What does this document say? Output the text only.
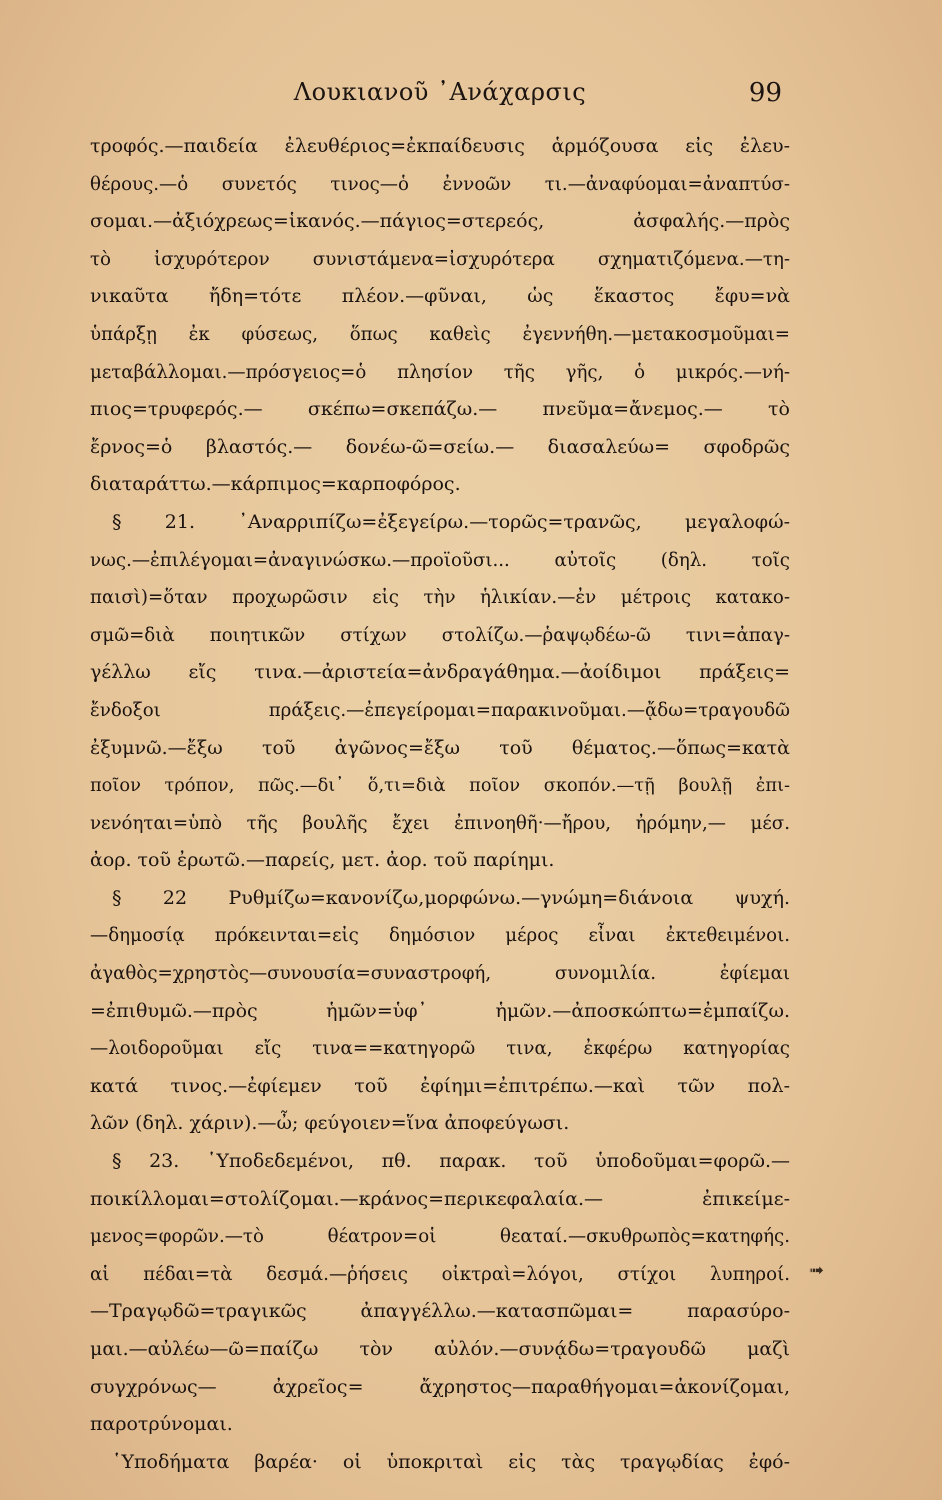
Λουκιανοῦ ᾿Ανάχαρσις	99
τροφός.—παιδεία ἐλευθέριος=ἐκπαίδευσις ἁρμόζουσα εἰς ἐλευ-
θέρους.—ὁ συνετός τινος—ὁ ἐννοῶν τι.—ἀναφύομαι=ἀναπτύσ-
σομαι.—ἀξιόχρεως=ἱκανός.—πάγιος=στερεός, ἀσφαλής.—πρὸς
τὸ ἰσχυρότερον συνιστάμενα=ἰσχυρότερα σχηματιζόμενα.—τη-
νικαῦτα ἤδη=τότε πλέον.—φῦναι, ὡς ἕκαστος ἔφυ=νὰ
ὑπάρξῃ ἐκ φύσεως, ὅπως καθεὶς ἐγεννήθη.—μετακοσμοῦμαι=
μεταβάλλομαι.—πρόσγειος=ὁ πλησίον τῆς γῆς, ὁ μικρός.—νή-
πιος=τρυφερός.— σκέπω=σκεπάζω.— πνεῦμα=ἄνεμος.— τὸ
ἔρνος=ὁ βλαστός.— δονέω-ῶ=σείω.— διασαλεύω= σφοδρῶς
διαταράττω.—κάρπιμος=καρποφόρος.
§ 21. ᾿Αναρριπίζω=ἐξεγείρω.—τορῶς=τρανῶς, μεγαλοφώ-
νως.—ἐπιλέγομαι=ἀναγινώσκω.—προϊοῦσι... αὐτοῖς (δηλ. τοῖς
παισὶ)=ὅταν προχωρῶσιν εἰς τὴν ἡλικίαν.—ἐν μέτροις κατακο-
σμῶ=διὰ ποιητικῶν στίχων στολίζω.—ῥαψῳδέω-ῶ τινι=ἀπαγ-
γέλλω εἴς τινα.—ἀριστεία=ἀνδραγάθημα.—ἀοίδιμοι πράξεις=
ἔνδοξοι πράξεις.—ἐπεγείρομαι=παρακινοῦμαι.—ᾄδω=τραγουδῶ
ἐξυμνῶ.—ἔξω τοῦ ἀγῶνος=ἔξω τοῦ θέματος.—ὅπως=κατὰ
ποῖον τρόπον, πῶς.—δι᾿ ὅ,τι=διὰ ποῖον σκοπόν.—τῇ βουλῇ ἐπι-
νενόηται=ὑπὸ τῆς βουλῆς ἔχει ἐπινοηθῆ·—ἤρου, ἠρόμην,— μέσ.
ἀορ. τοῦ ἐρωτῶ.—παρείς, μετ. ἀορ. τοῦ παρίημι.
§ 22 Ρυθμίζω=κανονίζω,μορφώνω.—γνώμη=διάνοια ψυχή.
—δημοσίᾳ πρόκεινται=εἰς δημόσιον μέρος εἶναι ἐκτεθειμένοι.
ἀγαθὸς=χρηστὸς—συνουσία=συναστροφή, συνομιλία. ἐφίεμαι
=ἐπιθυμῶ.—πρὸς ἡμῶν=ὑφ᾿ ἡμῶν.—ἀποσκώπτω=ἐμπαίζω.
—λοιδοροῦμαι εἴς τινα==κατηγορῶ τινα, ἐκφέρω κατηγορίας
κατά τινος.—ἐφίεμεν τοῦ ἐφίημι=ἐπιτρέπω.—καὶ τῶν πολ-
λῶν (δηλ. χάριν).—ὦ; φεύγοιεν=ἵνα ἀποφεύγωσι.
§ 23. ῾Υποδεδεμένοι, πθ. παρακ. τοῦ ὑποδοῦμαι=φορῶ.—
ποικίλλομαι=στολίζομαι.—κράνος=περικεφαλαία.— ἐπικείμε-
μενος=φορῶν.—τὸ θέατρον=οἱ θεαταί.—σκυθρωπὸς=κατηφής.
αἱ πέδαι=τὰ δεσμά.—ῥήσεις οἰκτραὶ=λόγοι, στίχοι λυπηροί.
—Τραγῳδῶ=τραγικῶς ἀπαγγέλλω.—κατασπῶμαι= παρασύρο-
μαι.—αὐλέω—ῶ=παίζω τὸν αὐλόν.—συνᾴδω=τραγουδῶ μαζὶ
συγχρόνως— ἀχρεῖος= ἄχρηστος—παραθήγομαι=ἀκονίζομαι,
παροτρύνομαι.
῾Υποδήματα βαρέα· οἱ ὑποκριταὶ εἰς τὰς τραγῳδίας ἐφό-
➟
